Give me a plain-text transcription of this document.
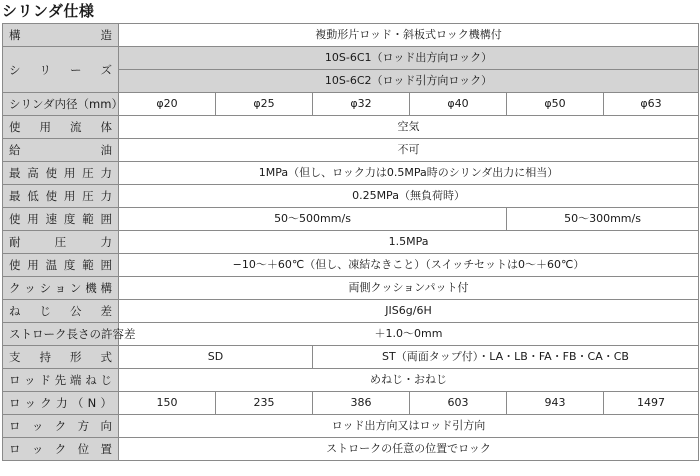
シリンダ仕様
構　　　　　造	複動形片ロッド・斜板式ロック機構付					
シ リ ー ズ	10S-6C1（ロッド出方向ロック）					
	10S-6C2（ロッド引方向ロック）					
シリンダ内径（mm）	φ20	φ25	φ32	φ40	φ50	φ63
使 用 流 体	空気					
給　　　　　油	不可					
最高使用圧力	1MPa（但し、ロック力は0.5MPa時のシリンダ出力に相当）					
最低使用圧力	0.25MPa（無負荷時）					
使用速度範囲	50〜500mm/s				50〜300mm/s	
耐　　圧　　力	1.5MPa					
使用温度範囲	−10〜＋60℃（但し、凍結なきこと）（スイッチセットは0〜＋60℃）					
クッション機構	両側クッションパット付					
ね じ 公 差	JIS6g/6H					
ストローク長さの許容差	＋1.0〜0mm					
支 持 形 式	SD		ST（両面タップ付）・LA・LB・FA・FB・CA・CB			
ロッド先端ねじ	めねじ・おねじ					
ロック力（N）	150	235	386	603	943	1497
ロ ッ ク 方 向	ロッド出方向又はロッド引方向					
ロ ッ ク 位 置	ストロークの任意の位置でロック					
